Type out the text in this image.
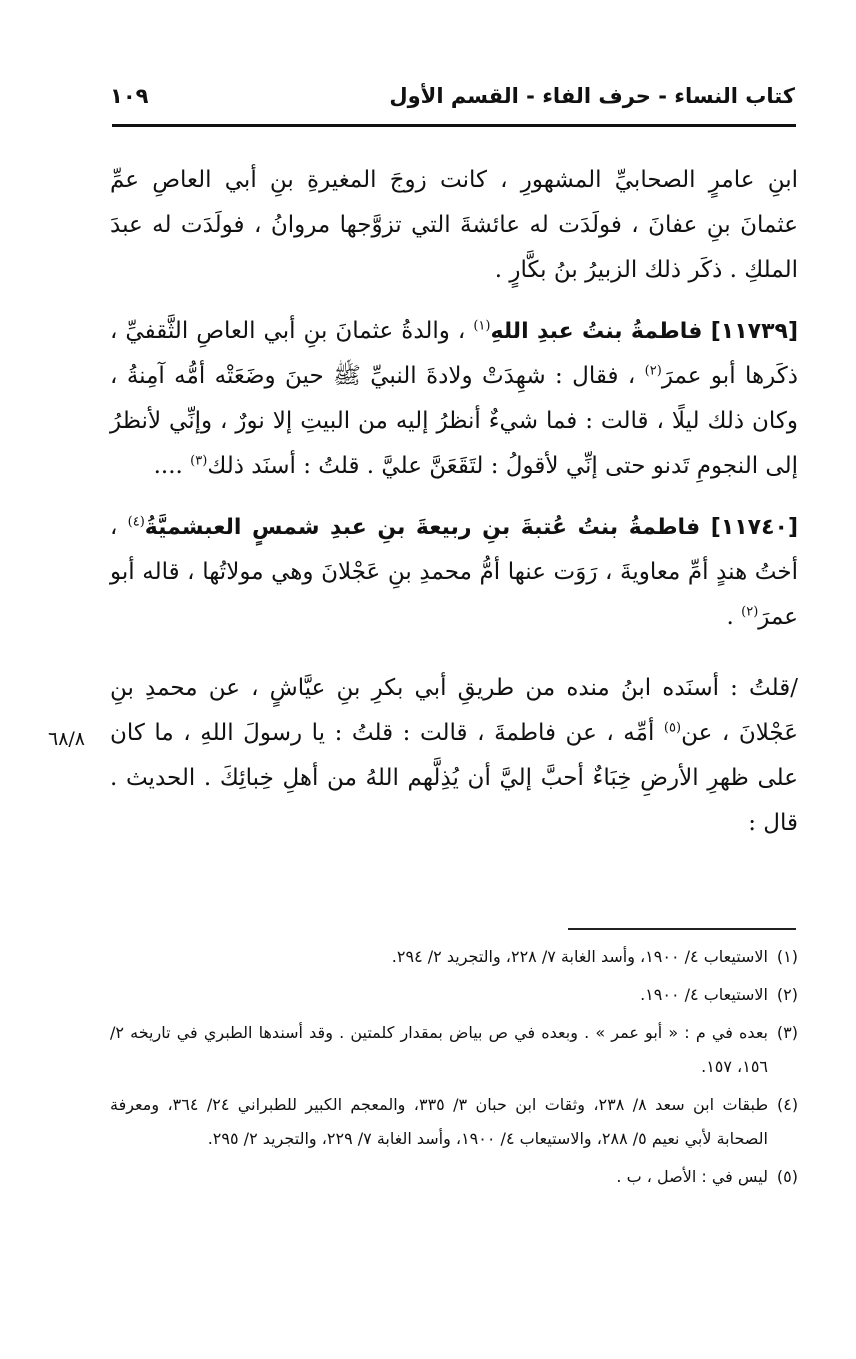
كتاب النساء - حرف الفاء - القسم الأول
١٠٩

ابنِ عامرٍ الصحابيِّ المشهورِ ، كانت زوجَ المغيرةِ بنِ أبي العاصِ عمِّ عثمانَ بنِ عفانَ ، فولَدَت له عائشةَ التي تزوَّجها مروانُ ، فولَدَت له عبدَ الملكِ . ذكَر ذلك الزبيرُ بنُ بكَّارٍ .

[١١٧٣٩] فاطمةُ بنتُ عبدِ اللهِ$^{(١)}$ ، والدةُ عثمانَ بنِ أبي العاصِ الثَّقفيِّ ، ذكَرها أبو عمرَ$^{(٢)}$ ، فقال : شهِدَتْ ولادةَ النبيِّ ﷺ حينَ وضَعَتْه أمُّه آمِنةُ ، وكان ذلك ليلًا ، قالت : فما شيءٌ أنظرُ إليه من البيتِ إلا نورٌ ، وإنِّي لأنظرُ إلى النجومِ تَدنو حتى إنِّي لأقولُ : لتَقَعَنَّ عليَّ . قلتُ : أسنَد ذلك$^{(٣)}$ ....

[١١٧٤٠] فاطمةُ بنتُ عُتبةَ بنِ ربيعةَ بنِ عبدِ شمسٍ العبشميَّةُ$^{(٤)}$ ، أختُ هندٍ أمِّ معاويةَ ، رَوَت عنها أمُّ محمدِ بنِ عَجْلانَ وهي مولاتُها ، قاله أبو عمرَ$^{(٢)}$ .

/قلتُ : أسنَده ابنُ منده من طريقِ أبي بكرِ بنِ عيَّاشٍ ، عن محمدِ بنِ عَجْلانَ ، عن$^{(٥)}$ أمِّه ، عن فاطمةَ ، قالت : قلتُ : يا رسولَ اللهِ ، ما كان على ظهرِ الأرضِ خِبَاءٌ أحبَّ إليَّ أن يُذِلَّهم اللهُ من أهلِ خِبائِكَ . الحديث . قال :

٦٨/٨

(١)الاستيعاب ٤/ ١٩٠٠، وأسد الغابة ٧/ ٢٢٨، والتجريد ٢/ ٢٩٤.

(٢)الاستيعاب ٤/ ١٩٠٠.

(٣)بعده في م : « أبو عمر » . وبعده في ص بياض بمقدار كلمتين . وقد أسندها الطبري في تاريخه ٢/ ١٥٦، ١٥٧.

(٤)طبقات ابن سعد ٨/ ٢٣٨، وثقات ابن حبان ٣/ ٣٣٥، والمعجم الكبير للطبراني ٢٤/ ٣٦٤، ومعرفة الصحابة لأبي نعيم ٥/ ٢٨٨، والاستيعاب ٤/ ١٩٠٠، وأسد الغابة ٧/ ٢٢٩، والتجريد ٢/ ٢٩٥.

(٥)ليس في : الأصل ، ب .
